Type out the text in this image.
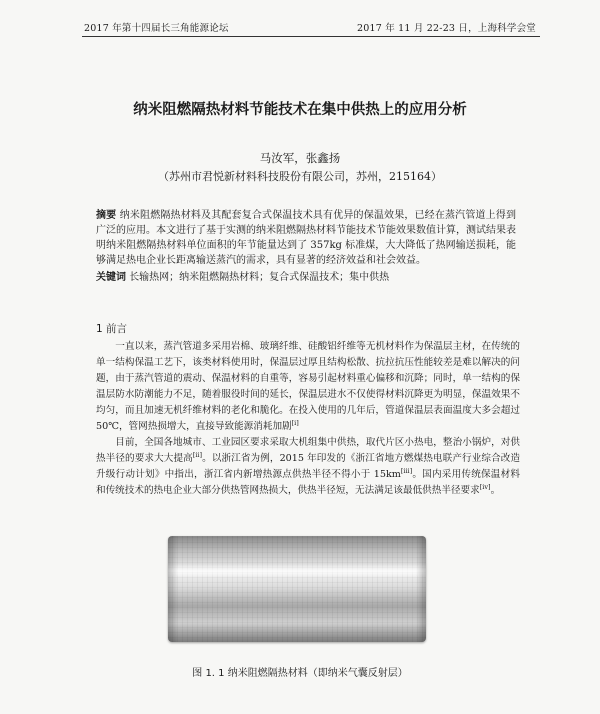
2017 年第十四届长三角能源论坛	2017 年 11 月 22-23 日，上海科学会堂
纳米阻燃隔热材料节能技术在集中供热上的应用分析
马汝军，张鑫扬
（苏州市君悦新材料科技股份有限公司，苏州，215164）
摘要 纳米阻燃隔热材料及其配套复合式保温技术具有优异的保温效果，已经在蒸汽管道上得到广泛的应用。本文进行了基于实测的纳米阻燃隔热材料节能技术节能效果数值计算，测试结果表明纳米阻燃隔热材料单位面积的年节能量达到了 357kg 标准煤，大大降低了热网输送损耗，能够满足热电企业长距离输送蒸汽的需求，具有显著的经济效益和社会效益。
关键词 长输热网；纳米阻燃隔热材料；复合式保温技术；集中供热
1 前言

一直以来，蒸汽管道多采用岩棉、玻璃纤维、硅酸铝纤维等无机材料作为保温层主材，在传统的单一结构保温工艺下，该类材料使用时，保温层过厚且结构松散、抗拉抗压性能较差是难以解决的问题，由于蒸汽管道的震动、保温材料的自重等，容易引起材料重心偏移和沉降；同时，单一结构的保温层防水防潮能力不足，随着服役时间的延长，保温层进水不仅使得材料沉降更为明显，保温效果不均匀，而且加速无机纤维材料的老化和脆化。在投入使用的几年后，管道保温层表面温度大多会超过 50℃，管网热损增大，直接导致能源消耗加剧[i]

目前，全国各地城市、工业园区要求采取大机组集中供热，取代片区小热电，整治小锅炉，对供热半径的要求大大提高[ii]。以浙江省为例，2015 年印发的《浙江省地方燃煤热电联产行业综合改造升级行动计划》中指出，浙江省内新增热源点供热半径不得小于 15km[iii]。国内采用传统保温材料和传统技术的热电企业大部分供热管网热损大，供热半径短，无法满足该最低供热半径要求[iv]。

图 1. 1 纳米阻燃隔热材料（即纳米气囊反射层）
